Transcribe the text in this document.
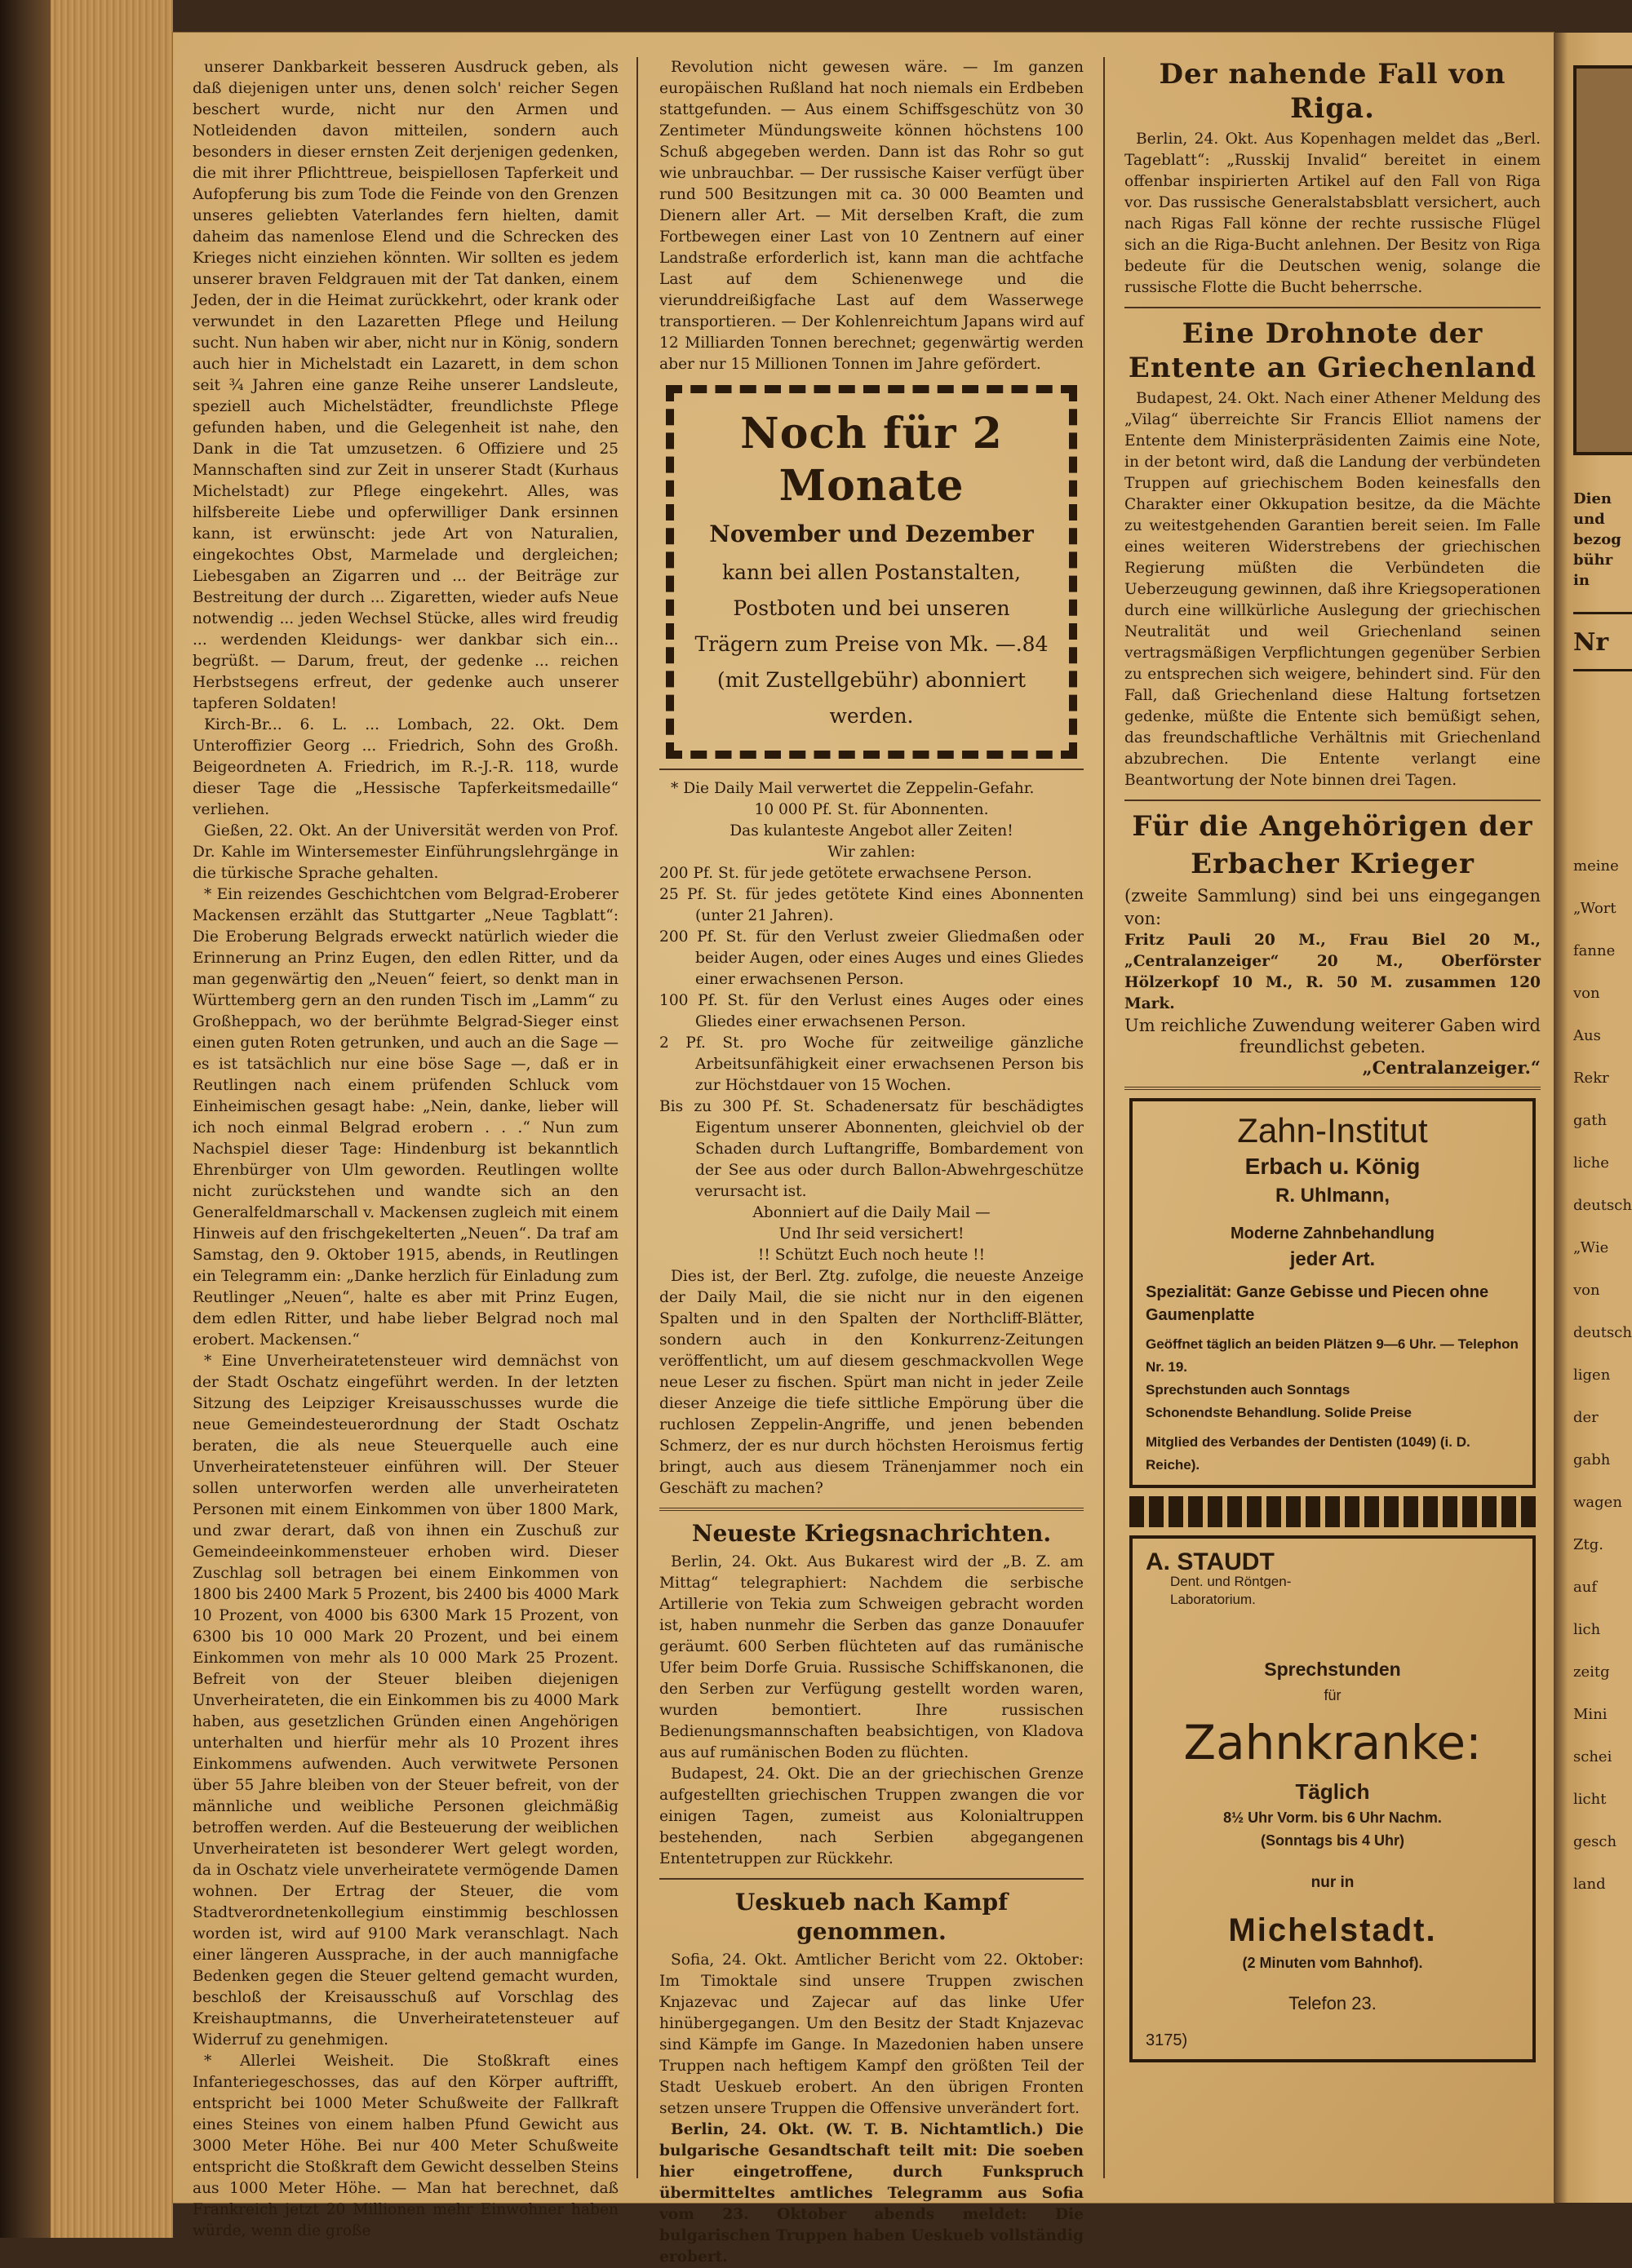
unserer Dankbarkeit besseren Ausdruck geben, als daß diejenigen unter uns, denen solch' reicher Segen beschert wurde, nicht nur den Armen und Notleidenden davon mitteilen, sondern auch besonders in dieser ernsten Zeit derjenigen gedenken, die mit ihrer Pflichttreue, beispiellosen Tapferkeit und Aufopferung bis zum Tode die Feinde von den Grenzen unseres geliebten Vaterlandes fern hielten, damit daheim das namenlose Elend und die Schrecken des Krieges nicht einziehen könnten. Wir sollten es jedem unserer braven Feldgrauen mit der Tat danken, einem Jeden, der in die Heimat zurückkehrt, oder krank oder verwundet in den Lazaretten Pflege und Heilung sucht. Nun haben wir aber, nicht nur in König, sondern auch hier in Michelstadt ein Lazarett, in dem schon seit ¾ Jahren eine ganze Reihe unserer Landsleute, speziell auch Michelstädter, freundlichste Pflege gefunden haben, und die Gelegenheit ist nahe, den Dank in die Tat umzusetzen. 6 Offiziere und 25 Mannschaften sind zur Zeit in unserer Stadt (Kurhaus Michelstadt) zur Pflege eingekehrt. Alles, was hilfsbereite Liebe und opferwilliger Dank ersinnen kann, ist erwünscht: jede Art von Naturalien, eingekochtes Obst, Marmelade und dergleichen; Liebesgaben an Zigarren und ... der Beiträge zur Bestreitung der durch ... Zigaretten, wieder aufs Neue notwendig ... jeden Wechsel Stücke, alles wird freudig ... werdenden Kleidungs- wer dankbar sich ein... begrüßt. — Darum, freut, der gedenke ... reichen Herbstsegens erfreut, der gedenke auch unserer tapferen Soldaten!

Kirch-Br... 6. L. ... Lombach, 22. Okt. Dem Unteroffizier Georg ... Friedrich, Sohn des Großh. Beigeordneten A. Friedrich, im R.-J.-R. 118, wurde dieser Tage die „Hessische Tapferkeitsmedaille“ verliehen.

Gießen, 22. Okt. An der Universität werden von Prof. Dr. Kahle im Wintersemester Einführungslehrgänge in die türkische Sprache gehalten.

* Ein reizendes Geschichtchen vom Belgrad-Eroberer Mackensen erzählt das Stuttgarter „Neue Tagblatt“: Die Eroberung Belgrads erweckt natürlich wieder die Erinnerung an Prinz Eugen, den edlen Ritter, und da man gegenwärtig den „Neuen“ feiert, so denkt man in Württemberg gern an den runden Tisch im „Lamm“ zu Großheppach, wo der berühmte Belgrad-Sieger einst einen guten Roten getrunken, und auch an die Sage — es ist tatsächlich nur eine böse Sage —, daß er in Reutlingen nach einem prüfenden Schluck vom Einheimischen gesagt habe: „Nein, danke, lieber will ich noch einmal Belgrad erobern . . .“ Nun zum Nachspiel dieser Tage: Hindenburg ist bekanntlich Ehrenbürger von Ulm geworden. Reutlingen wollte nicht zurückstehen und wandte sich an den Generalfeldmarschall v. Mackensen zugleich mit einem Hinweis auf den frischgekelterten „Neuen“. Da traf am Samstag, den 9. Oktober 1915, abends, in Reutlingen ein Telegramm ein: „Danke herzlich für Einladung zum Reutlinger „Neuen“, halte es aber mit Prinz Eugen, dem edlen Ritter, und habe lieber Belgrad noch mal erobert. Mackensen.“

* Eine Unverheiratetensteuer wird demnächst von der Stadt Oschatz eingeführt werden. In der letzten Sitzung des Leipziger Kreisausschusses wurde die neue Gemeindesteuerordnung der Stadt Oschatz beraten, die als neue Steuerquelle auch eine Unverheiratetensteuer einführen will. Der Steuer sollen unterworfen werden alle unverheirateten Personen mit einem Einkommen von über 1800 Mark, und zwar derart, daß von ihnen ein Zuschuß zur Gemeindeeinkommensteuer erhoben wird. Dieser Zuschlag soll betragen bei einem Einkommen von 1800 bis 2400 Mark 5 Prozent, bis 2400 bis 4000 Mark 10 Prozent, von 4000 bis 6300 Mark 15 Prozent, von 6300 bis 10 000 Mark 20 Prozent, und bei einem Einkommen von mehr als 10 000 Mark 25 Prozent. Befreit von der Steuer bleiben diejenigen Unverheirateten, die ein Einkommen bis zu 4000 Mark haben, aus gesetzlichen Gründen einen Angehörigen unterhalten und hierfür mehr als 10 Prozent ihres Einkommens aufwenden. Auch verwitwete Personen über 55 Jahre bleiben von der Steuer befreit, von der männliche und weibliche Personen gleichmäßig betroffen werden. Auf die Besteuerung der weiblichen Unverheirateten ist besonderer Wert gelegt worden, da in Oschatz viele unverheiratete vermögende Damen wohnen. Der Ertrag der Steuer, die vom Stadtverordnetenkollegium einstimmig beschlossen worden ist, wird auf 9100 Mark veranschlagt. Nach einer längeren Aussprache, in der auch mannigfache Bedenken gegen die Steuer geltend gemacht wurden, beschloß der Kreisausschuß auf Vorschlag des Kreishauptmanns, die Unverheiratetensteuer auf Widerruf zu genehmigen.

* Allerlei Weisheit. Die Stoßkraft eines Infanteriegeschosses, das auf den Körper auftrifft, entspricht bei 1000 Meter Schußweite der Fallkraft eines Steines von einem halben Pfund Gewicht aus 3000 Meter Höhe. Bei nur 400 Meter Schußweite entspricht die Stoßkraft dem Gewicht desselben Steins aus 1000 Meter Höhe. — Man hat berechnet, daß Frankreich jetzt 20 Millionen mehr Einwohner haben würde, wenn die große

Revolution nicht gewesen wäre. — Im ganzen europäischen Rußland hat noch niemals ein Erdbeben stattgefunden. — Aus einem Schiffsgeschütz von 30 Zentimeter Mündungsweite können höchstens 100 Schuß abgegeben werden. Dann ist das Rohr so gut wie unbrauchbar. — Der russische Kaiser verfügt über rund 500 Besitzungen mit ca. 30 000 Beamten und Dienern aller Art. — Mit derselben Kraft, die zum Fortbewegen einer Last von 10 Zentnern auf einer Landstraße erforderlich ist, kann man die achtfache Last auf dem Schienenwege und die vierunddreißigfache Last auf dem Wasserwege transportieren. — Der Kohlenreichtum Japans wird auf 12 Milliarden Tonnen berechnet; gegenwärtig werden aber nur 15 Millionen Tonnen im Jahre gefördert.

Noch für 2 Monate
November und Dezember
kann bei allen Postanstalten, Postboten und bei unseren Trägern zum Preise von Mk. —.84 (mit Zustellgebühr) abonniert werden.

* Die Daily Mail verwertet die Zeppelin-Gefahr.

10 000 Pf. St. für Abonnenten.
Das kulanteste Angebot aller Zeiten!
Wir zahlen:
200 Pf. St. für jede getötete erwachsene Person.
25 Pf. St. für jedes getötete Kind eines Abonnenten (unter 21 Jahren).
200 Pf. St. für den Verlust zweier Gliedmaßen oder beider Augen, oder eines Auges und eines Gliedes einer erwachsenen Person.
100 Pf. St. für den Verlust eines Auges oder eines Gliedes einer erwachsenen Person.
2 Pf. St. pro Woche für zeitweilige gänzliche Arbeitsunfähigkeit einer erwachsenen Person bis zur Höchstdauer von 15 Wochen.
Bis zu 300 Pf. St. Schadenersatz für beschädigtes Eigentum unserer Abonnenten, gleichviel ob der Schaden durch Luftangriffe, Bombardement von der See aus oder durch Ballon-Abwehrgeschütze verursacht ist.
Abonniert auf die Daily Mail —
Und Ihr seid versichert!
!! Schützt Euch noch heute !!

Dies ist, der Berl. Ztg. zufolge, die neueste Anzeige der Daily Mail, die sie nicht nur in den eigenen Spalten und in den Spalten der Northcliff-Blätter, sondern auch in den Konkurrenz-Zeitungen veröffentlicht, um auf diesem geschmackvollen Wege neue Leser zu fischen. Spürt man nicht in jeder Zeile dieser Anzeige die tiefe sittliche Empörung über die ruchlosen Zeppelin-Angriffe, und jenen bebenden Schmerz, der es nur durch höchsten Heroismus fertig bringt, auch aus diesem Tränenjammer noch ein Geschäft zu machen?

Neueste Kriegsnachrichten.

Berlin, 24. Okt. Aus Bukarest wird der „B. Z. am Mittag“ telegraphiert: Nachdem die serbische Artillerie von Tekia zum Schweigen gebracht worden ist, haben nunmehr die Serben das ganze Donauufer geräumt. 600 Serben flüchteten auf das rumänische Ufer beim Dorfe Gruia. Russische Schiffskanonen, die den Serben zur Verfügung gestellt worden waren, wurden bemontiert. Ihre russischen Bedienungsmannschaften beabsichtigen, von Kladova aus auf rumänischen Boden zu flüchten.

Budapest, 24. Okt. Die an der griechischen Grenze aufgestellten griechischen Truppen zwangen die vor einigen Tagen, zumeist aus Kolonialtruppen bestehenden, nach Serbien abgegangenen Ententetruppen zur Rückkehr.

Ueskueb nach Kampf genommen.

Sofia, 24. Okt. Amtlicher Bericht vom 22. Oktober: Im Timoktale sind unsere Truppen zwischen Knjazevac und Zajecar auf das linke Ufer hinübergegangen. Um den Besitz der Stadt Knjazevac sind Kämpfe im Gange. In Mazedonien haben unsere Truppen nach heftigem Kampf den größten Teil der Stadt Ueskueb erobert. An den übrigen Fronten setzen unsere Truppen die Offensive unverändert fort.

Berlin, 24. Okt. (W. T. B. Nichtamtlich.) Die bulgarische Gesandtschaft teilt mit: Die soeben hier eingetroffene, durch Funkspruch übermitteltes amtliches Telegramm aus Sofia vom 23. Oktober abends meldet: Die bulgarischen Truppen haben Ueskueb vollständig erobert.

Der nahende Fall von Riga.

Berlin, 24. Okt. Aus Kopenhagen meldet das „Berl. Tageblatt“: „Russkij Invalid“ bereitet in einem offenbar inspirierten Artikel auf den Fall von Riga vor. Das russische Generalstabsblatt versichert, auch nach Rigas Fall könne der rechte russische Flügel sich an die Riga-Bucht anlehnen. Der Besitz von Riga bedeute für die Deutschen wenig, solange die russische Flotte die Bucht beherrsche.

Eine Drohnote der Entente an Griechenland

Budapest, 24. Okt. Nach einer Athener Meldung des „Vilag“ überreichte Sir Francis Elliot namens der Entente dem Ministerpräsidenten Zaimis eine Note, in der betont wird, daß die Landung der verbündeten Truppen auf griechischem Boden keinesfalls den Charakter einer Okkupation besitze, da die Mächte zu weitestgehenden Garantien bereit seien. Im Falle eines weiteren Widerstrebens der griechischen Regierung müßten die Verbündeten die Ueberzeugung gewinnen, daß ihre Kriegsoperationen durch eine willkürliche Auslegung der griechischen Neutralität und weil Griechenland seinen vertragsmäßigen Verpflichtungen gegenüber Serbien zu entsprechen sich weigere, behindert sind. Für den Fall, daß Griechenland diese Haltung fortsetzen gedenke, müßte die Entente sich bemüßigt sehen, das freundschaftliche Verhältnis mit Griechenland abzubrechen. Die Entente verlangt eine Beantwortung der Note binnen drei Tagen.

Für die Angehörigen der
Erbacher Krieger
(zweite Sammlung) sind bei uns eingegangen von:
Fritz Pauli 20 M., Frau Biel 20 M., „Centralanzeiger“ 20 M., Oberförster Hölzerkopf 10 M., R. 50 M. zusammen 120 Mark.
Um reichliche Zuwendung weiterer Gaben wird freundlichst gebeten.
„Centralanzeiger.“
Zahn-Institut
Erbach u. König
R. Uhlmann,
Moderne Zahnbehandlung
jeder Art.
Spezialität: Ganze Gebisse und Piecen ohne Gaumenplatte
Geöffnet täglich an beiden Plätzen 9—6 Uhr. — Telephon Nr. 19.
Sprechstunden auch Sonntags
Schonendste Behandlung. Solide Preise
Mitglied des Verbandes der Dentisten (1049) (i. D. Reiche).
A. STAUDT
Dent. und Röntgen-
Laboratorium.
Sprechstunden
für
Zahnkranke:
Täglich
8½ Uhr Vorm. bis 6 Uhr Nachm.
(Sonntags bis 4 Uhr)
nur in
Michelstadt.
(2 Minuten vom Bahnhof).
Telefon 23.
3175)
Dien
und
bezog
bühr
in
Nr
meine
„Wort
fanne
von
Aus
Rekr
gath
liche
deutsch
„Wie
von
deutsch
ligen
der
gabh
wagen
Ztg.
auf
lich
zeitg
Mini
schei
licht
gesch
land
